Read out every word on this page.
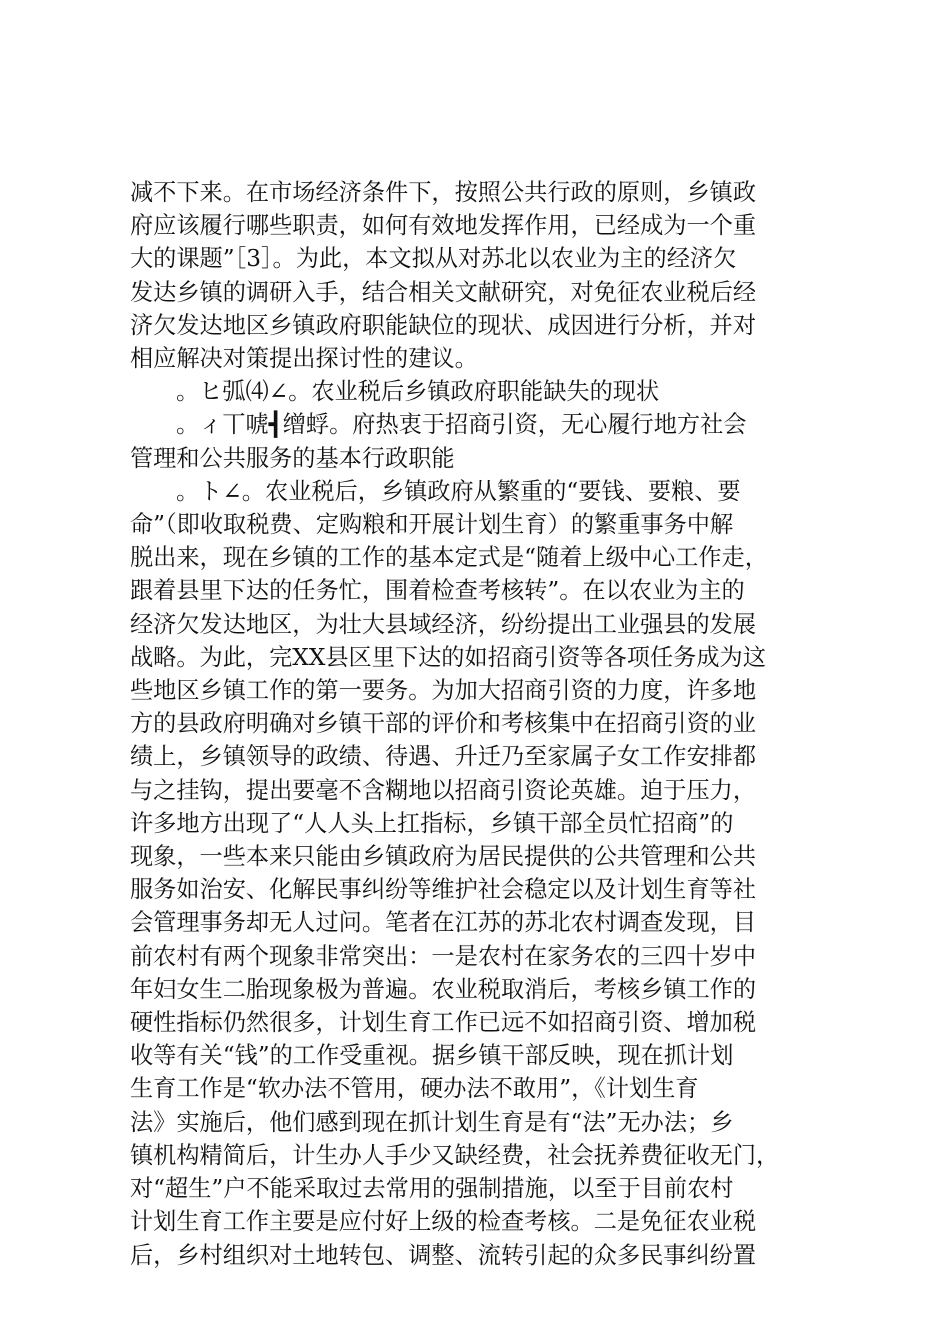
减不下来。在市场经济条件下，按照公共行政的原则，乡镇政
府应该履行哪些职责，如何有效地发挥作用，已经成为一个重
大的课题”［3］。为此，本文拟从对苏北以农业为主的经济欠
发达乡镇的调研入手，结合相关文献研究，对免征农业税后经
济欠发达地区乡镇政府职能缺位的现状、成因进行分析，并对
相应解决对策提出探讨性的建议。
。ヒ弧⑷∠。农业税后乡镇政府职能缺失的现状
。ィ丅唬┫缯蜉。府热衷于招商引资，无心履行地方社会
管理和公共服务的基本行政职能
。ト∠。农业税后，乡镇政府从繁重的“要钱、要粮、要
命”（即收取税费、定购粮和开展计划生育）的繁重事务中解
脱出来，现在乡镇的工作的基本定式是“随着上级中心工作走，
跟着县里下达的任务忙，围着检查考核转”。在以农业为主的
经济欠发达地区，为壮大县域经济，纷纷提出工业强县的发展
战略。为此，完XX县区里下达的如招商引资等各项任务成为这
些地区乡镇工作的第一要务。为加大招商引资的力度，许多地
方的县政府明确对乡镇干部的评价和考核集中在招商引资的业
绩上，乡镇领导的政绩、待遇、升迁乃至家属子女工作安排都
与之挂钩，提出要毫不含糊地以招商引资论英雄。迫于压力，
许多地方出现了“人人头上扛指标，乡镇干部全员忙招商”的
现象，一些本来只能由乡镇政府为居民提供的公共管理和公共
服务如治安、化解民事纠纷等维护社会稳定以及计划生育等社
会管理事务却无人过问。笔者在江苏的苏北农村调查发现，目
前农村有两个现象非常突出：一是农村在家务农的三四十岁中
年妇女生二胎现象极为普遍。农业税取消后，考核乡镇工作的
硬性指标仍然很多，计划生育工作已远不如招商引资、增加税
收等有关“钱”的工作受重视。据乡镇干部反映，现在抓计划
生育工作是“软办法不管用，硬办法不敢用”，《计划生育
法》实施后，他们感到现在抓计划生育是有“法”无办法；乡
镇机构精简后，计生办人手少又缺经费，社会抚养费征收无门，
对“超生”户不能采取过去常用的强制措施，以至于目前农村
计划生育工作主要是应付好上级的检查考核。二是免征农业税
后，乡村组织对土地转包、调整、流转引起的众多民事纠纷置
